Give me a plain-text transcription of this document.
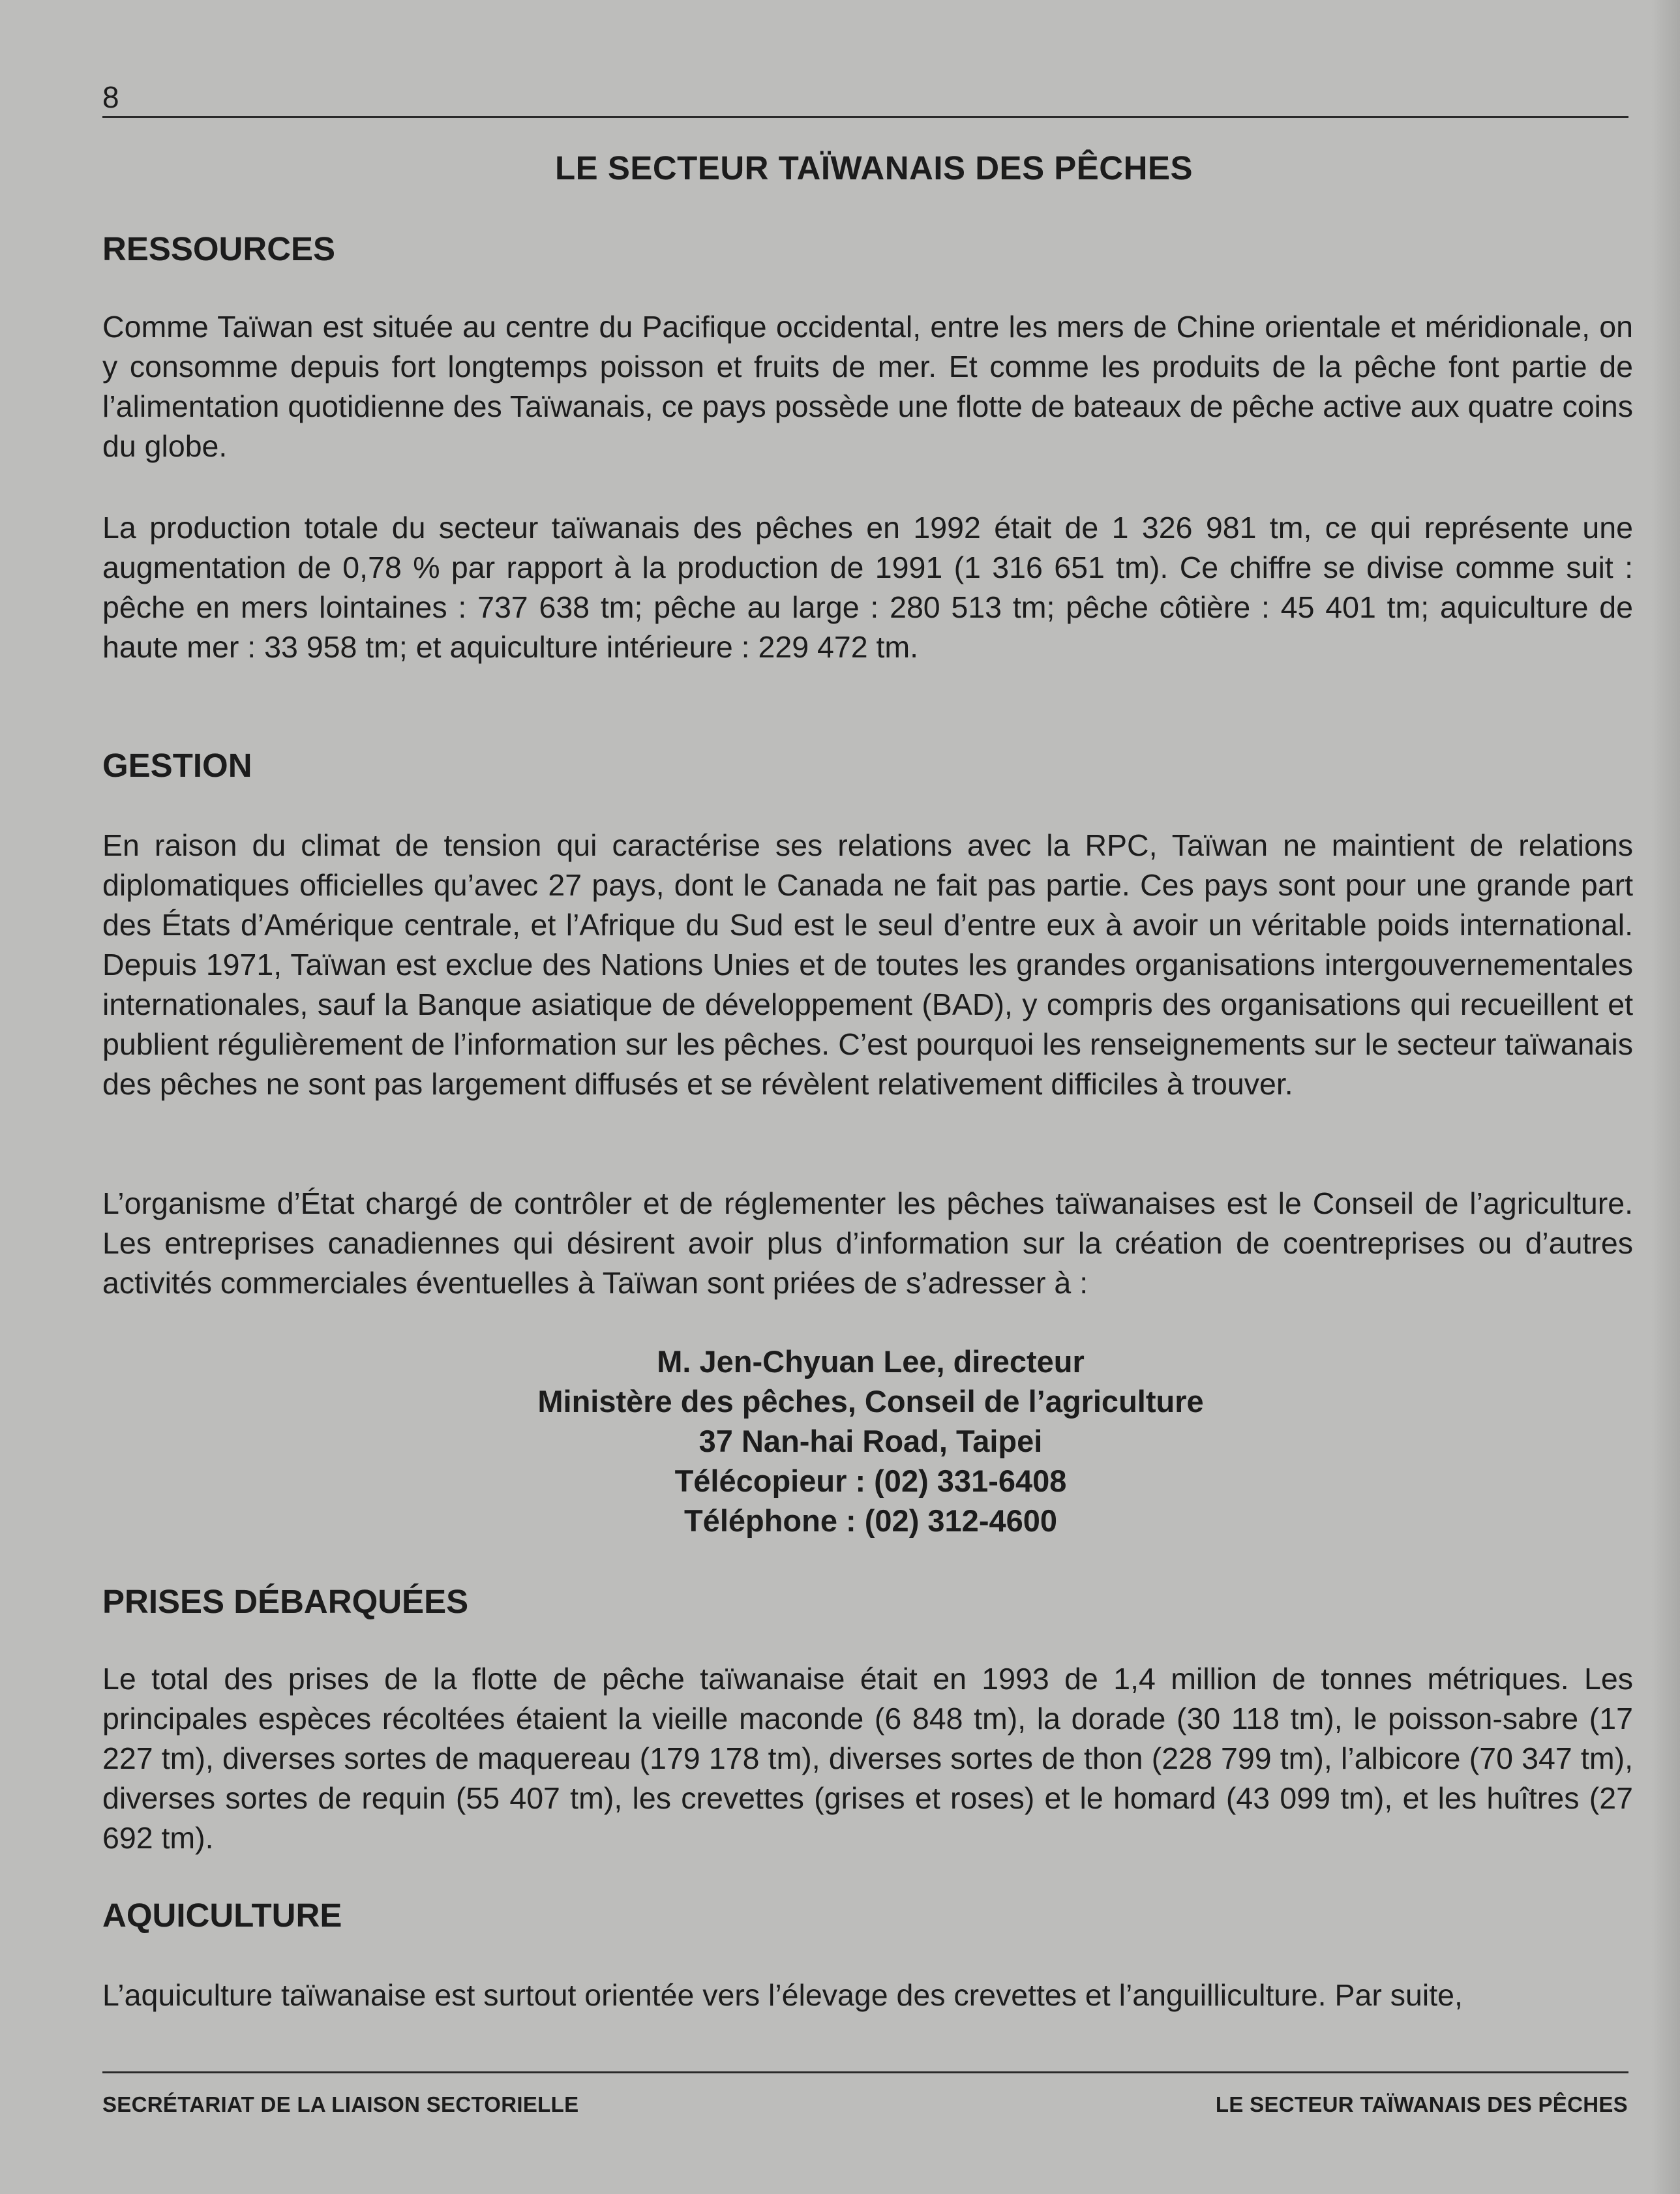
8
LE SECTEUR TAÏWANAIS DES PÊCHES
RESSOURCES

Comme Taïwan est située au centre du Pacifique occidental, entre les mers de Chine orientale et méridionale, on y consomme depuis fort longtemps poisson et fruits de mer. Et comme les produits de la pêche font partie de l’alimentation quotidienne des Taïwanais, ce pays possède une flotte de bateaux de pêche active aux quatre coins du globe.

La production totale du secteur taïwanais des pêches en 1992 était de 1 326 981 tm, ce qui représente une augmentation de 0,78 % par rapport à la production de 1991 (1 316 651 tm). Ce chiffre se divise comme suit : pêche en mers lointaines : 737 638 tm; pêche au large : 280 513 tm; pêche côtière : 45 401 tm; aquiculture de haute mer : 33 958 tm; et aquiculture intérieure : 229 472 tm.

GESTION

En raison du climat de tension qui caractérise ses relations avec la RPC, Taïwan ne maintient de relations diplomatiques officielles qu’avec 27 pays, dont le Canada ne fait pas partie. Ces pays sont pour une grande part des États d’Amérique centrale, et l’Afrique du Sud est le seul d’entre eux à avoir un véritable poids international. Depuis 1971, Taïwan est exclue des Nations Unies et de toutes les grandes organisations intergouvernementales internationales, sauf la Banque asiatique de développement (BAD), y compris des organisations qui recueillent et publient régulièrement de l’information sur les pêches. C’est pourquoi les renseignements sur le secteur taïwanais des pêches ne sont pas largement diffusés et se révèlent relativement difficiles à trouver.

L’organisme d’État chargé de contrôler et de réglementer les pêches taïwanaises est le Conseil de l’agriculture. Les entreprises canadiennes qui désirent avoir plus d’information sur la création de coentreprises ou d’autres activités commerciales éventuelles à Taïwan sont priées de s’adresser à :

M. Jen-Chyuan Lee, directeur
Ministère des pêches, Conseil de l’agriculture
37 Nan-hai Road, Taipei
Télécopieur : (02) 331-6408
Téléphone : (02) 312-4600
PRISES DÉBARQUÉES

Le total des prises de la flotte de pêche taïwanaise était en 1993 de 1,4 million de tonnes métriques. Les principales espèces récoltées étaient la vieille maconde (6 848 tm), la dorade (30 118 tm), le poisson-sabre (17 227 tm), diverses sortes de maquereau (179 178 tm), diverses sortes de thon (228 799 tm), l’albicore (70 347 tm), diverses sortes de requin (55 407 tm), les crevettes (grises et roses) et le homard (43 099 tm), et les huîtres (27 692 tm).

AQUICULTURE

L’aquiculture taïwanaise est surtout orientée vers l’élevage des crevettes et l’anguilliculture. Par suite,

SECRÉTARIAT DE LA LIAISON SECTORIELLE	LE SECTEUR TAÏWANAIS DES PÊCHES
